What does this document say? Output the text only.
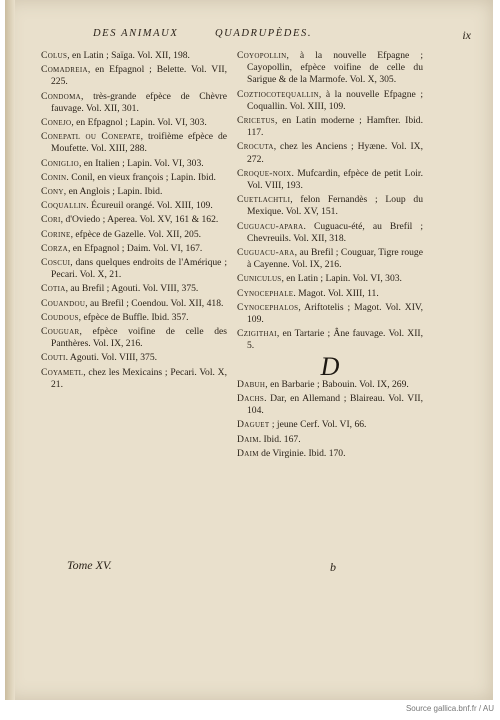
DES ANIMAUX	QUADRUPÈDES.	ix
Colus, en Latin ; Saïga. Vol. XII, 198.
Comadreia, en Efpagnol ; Belette. Vol. VII, 225.
Condoma, très-grande efpèce de Chèvre fauvage. Vol. XII, 301.
Conejo, en Efpagnol ; Lapin. Vol. VI, 303.
Conepatl ou Conepate, troifième efpèce de Moufette. Vol. XIII, 288.
Coniglio, en Italien ; Lapin. Vol. VI, 303.
Conin. Conil, en vieux françois ; Lapin. Ibid.
Cony, en Anglois ; Lapin. Ibid.
Coquallin. Écureuil orangé. Vol. XIII, 109.
Cori, d'Oviedo ; Aperea. Vol. XV, 161 & 162.
Corine, efpèce de Gazelle. Vol. XII, 205.
Corza, en Efpagnol ; Daim. Vol. VI, 167.
Coscui, dans quelques endroits de l'Amérique ; Pecari. Vol. X, 21.
Cotia, au Brefil ; Agouti. Vol. VIII, 375.
Couandou, au Brefil ; Coendou. Vol. XII, 418.
Coudous, efpèce de Buffle. Ibid. 357.
Couguar, efpèce voifine de celle des Panthères. Vol. IX, 216.
Couti. Agouti. Vol. VIII, 375.
Coyametl, chez les Mexicains ; Pecari. Vol. X, 21.
Coyopollin, à la nouvelle Efpagne ; Cayopollin, efpèce voifine de celle du Sarigue & de la Marmofe. Vol. X, 305.
Coztiocotequallin, à la nouvelle Efpagne ; Coquallin. Vol. XIII, 109.
Cricetus, en Latin moderne ; Hamfter. Ibid. 117.
Crocuta, chez les Anciens ; Hyæne. Vol. IX, 272.
Croque-noix. Mufcardin, efpèce de petit Loir. Vol. VIII, 193.
Cuetlachtli, felon Fernandès ; Loup du Mexique. Vol. XV, 151.
Cuguacu-apara. Cuguacu-été, au Brefil ; Chevreuils. Vol. XII, 318.
Cuguacu-ara, au Brefil ; Couguar, Tigre rouge à Cayenne. Vol. IX, 216.
Cuniculus, en Latin ; Lapin. Vol. VI, 303.
Cynocephale. Magot. Vol. XIII, 11.
Cynocephalos, Ariftotelis ; Magot. Vol. XIV, 109.
Czigithai, en Tartarie ; Âne fauvage. Vol. XII, 5.
D
Dabuh, en Barbarie ; Babouin. Vol. IX, 269.
Dachs. Dar, en Allemand ; Blaireau. Vol. VII, 104.
Daguet ; jeune Cerf. Vol. VI, 66.
Daim. Ibid. 167.
Daim de Virginie. Ibid. 170.
Tome XV.	b
Source gallica.bnf.fr / AU
